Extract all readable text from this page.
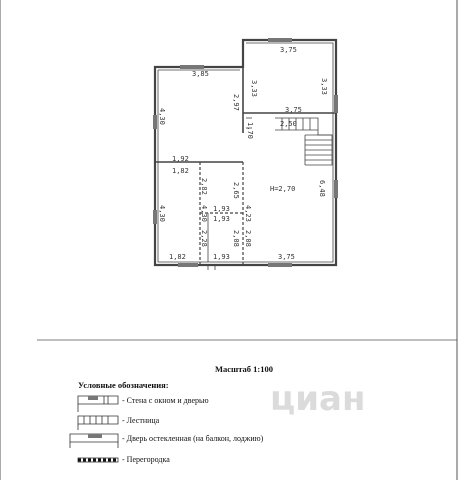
циан
3,85
3,75
3,33	3,33
2,97
4,30	3,75
2,50
1,70
1,92
1,82
2,82	2,65	H=2,70	6,48
1,93
1,93
4,30	4,30	4,23
2,28	2,08 2,08
1,82	1,93	3,75
Масштаб 1:100
Условные обозначения:
- Стена с окном и дверью
- Лестница
- Дверь остекленная (на балкон, лоджию)
- Перегородка
